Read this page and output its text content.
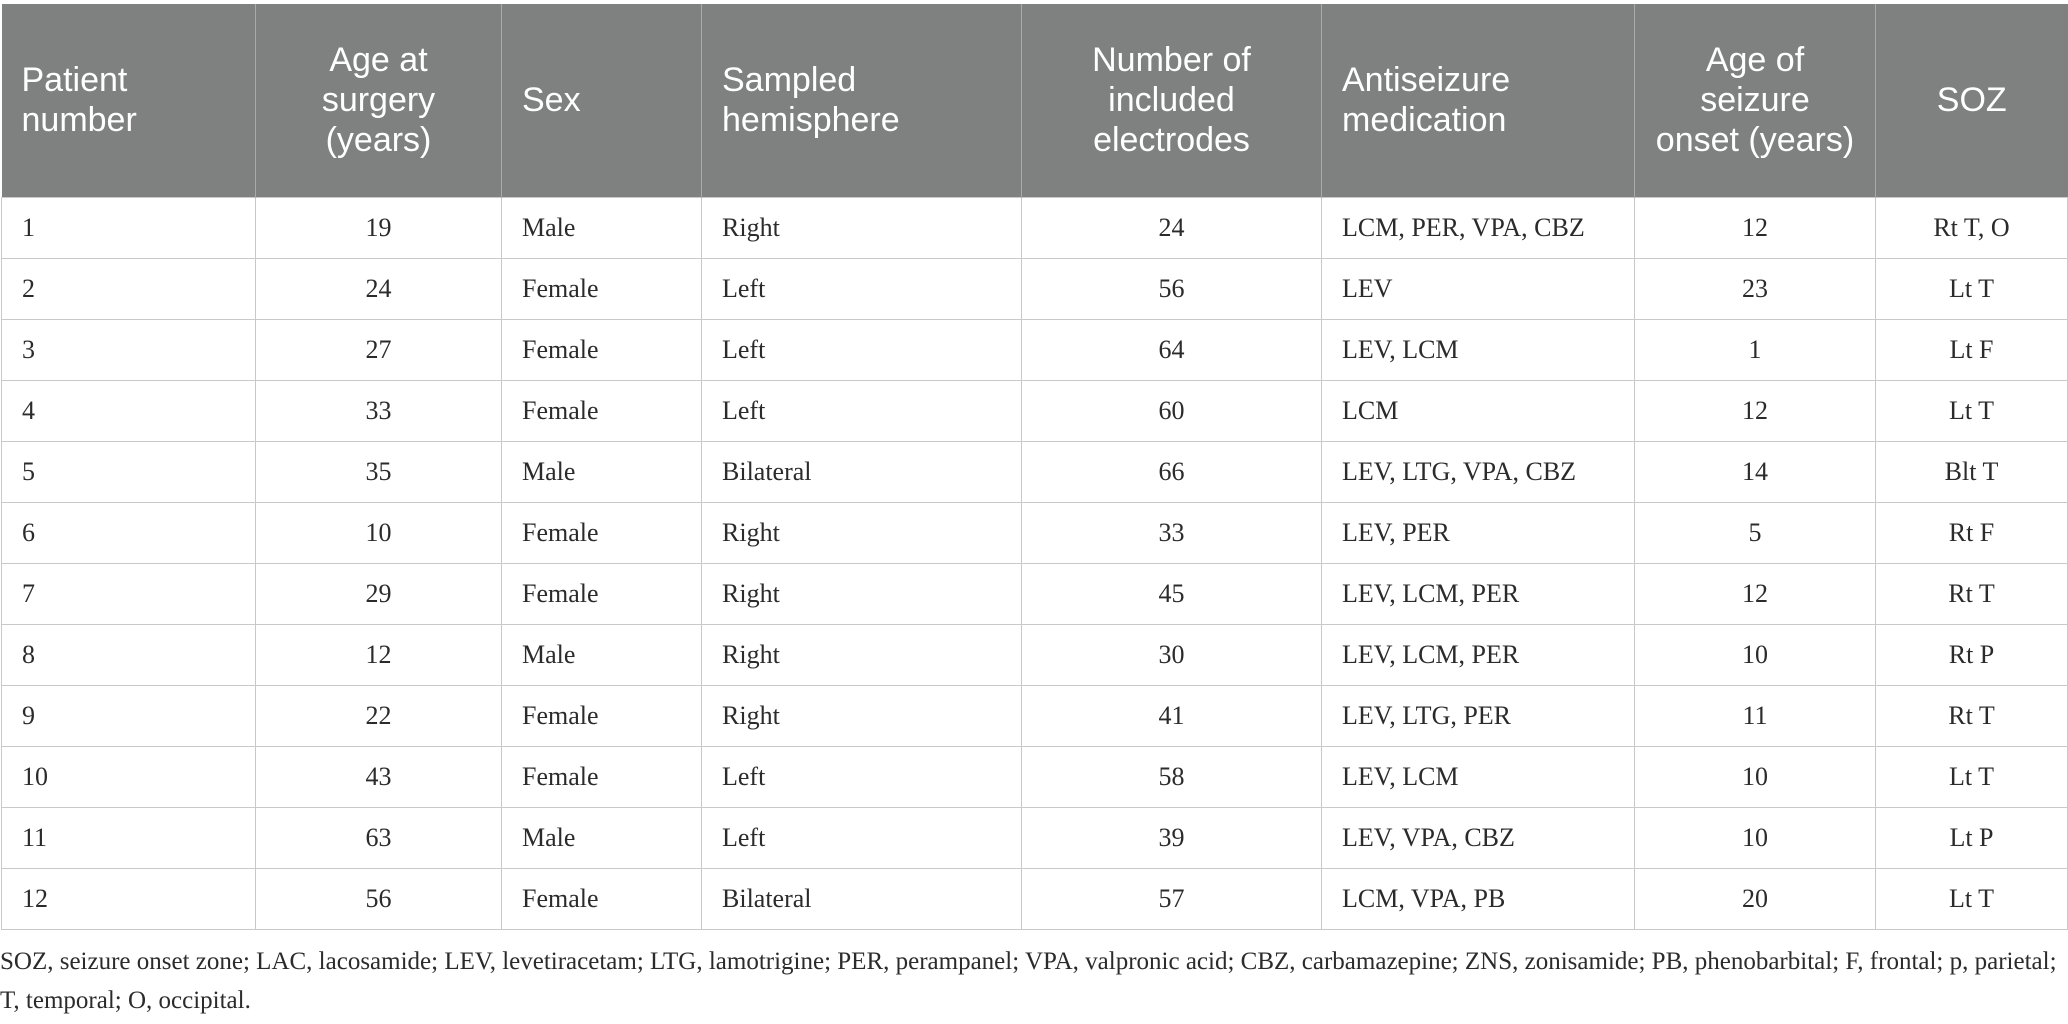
Patient number	Age at surgery (years)	Sex	Sampled hemisphere	Number of included electrodes	Antiseizure medication	Age of seizure onset (years)	SOZ
1	19	Male	Right	24	LCM, PER, VPA, CBZ	12	Rt T, O
2	24	Female	Left	56	LEV	23	Lt T
3	27	Female	Left	64	LEV, LCM	1	Lt F
4	33	Female	Left	60	LCM	12	Lt T
5	35	Male	Bilateral	66	LEV, LTG, VPA, CBZ	14	Blt T
6	10	Female	Right	33	LEV, PER	5	Rt F
7	29	Female	Right	45	LEV, LCM, PER	12	Rt T
8	12	Male	Right	30	LEV, LCM, PER	10	Rt P
9	22	Female	Right	41	LEV, LTG, PER	11	Rt T
10	43	Female	Left	58	LEV, LCM	10	Lt T
11	63	Male	Left	39	LEV, VPA, CBZ	10	Lt P
12	56	Female	Bilateral	57	LCM, VPA, PB	20	Lt T
SOZ, seizure onset zone; LAC, lacosamide; LEV, levetiracetam; LTG, lamotrigine; PER, perampanel; VPA, valpronic acid; CBZ, carbamazepine; ZNS, zonisamide; PB, phenobarbital; F, frontal; p, parietal; T, temporal; O, occipital.
